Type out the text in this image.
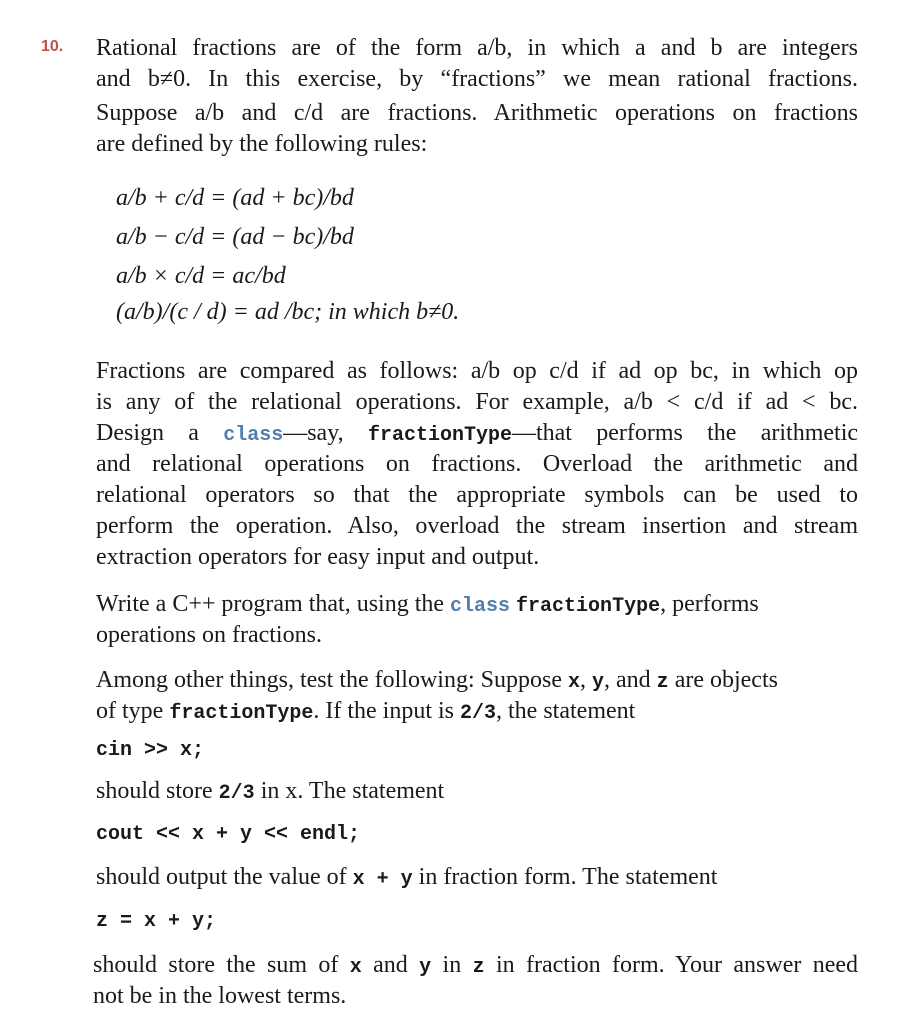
10. Rational fractions are of the form a/b, in which a and b are integers
and b≠0. In this exercise, by “fractions” we mean rational fractions.
Suppose a/b and c/d are fractions. Arithmetic operations on fractions
are defined by the following rules:
a/b + c/d = (ad + bc)/bd
a/b − c/d = (ad − bc)/bd
a/b × c/d = ac/bd
(a/b)/(c / d) = ad /bc; in which b≠0.
Fractions are compared as follows: a/b op c/d if ad op bc, in which op
is any of the relational operations. For example, a/b < c/d if ad < bc.
Design a class—say, fractionType—that performs the arithmetic
and relational operations on fractions. Overload the arithmetic and
relational operators so that the appropriate symbols can be used to
perform the operation. Also, overload the stream insertion and stream
extraction operators for easy input and output.
Write a C++ program that, using the class fractionType, performs
operations on fractions.
Among other things, test the following: Suppose x, y, and z are objects
of type fractionType. If the input is 2/3, the statement
cin >> x;
should store 2/3 in x. The statement
cout << x + y << endl;
should output the value of x + y in fraction form. The statement
z = x + y;
should store the sum of x and y in z in fraction form. Your answer need
not be in the lowest terms.
